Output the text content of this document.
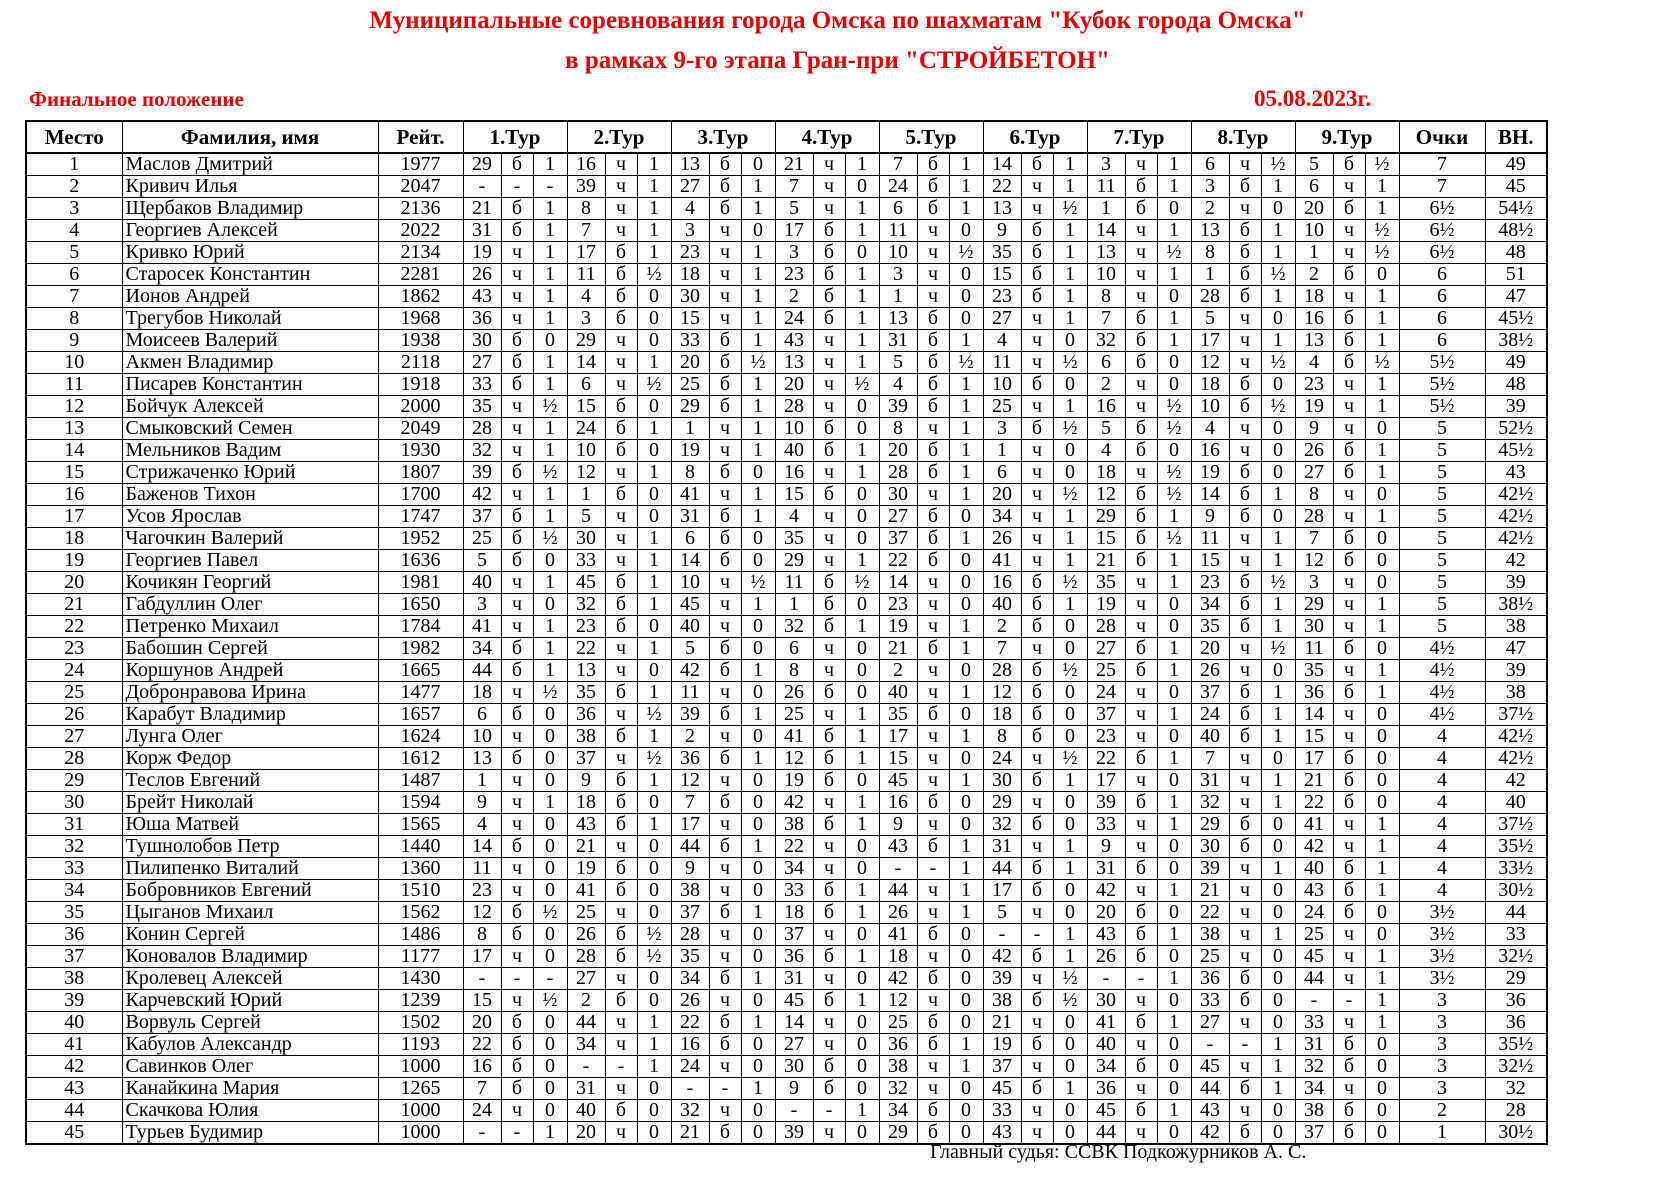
Муниципальные соревнования города Омска по шахматам "Кубок города Омска"
в рамках 9-го этапа Гран-при "СТРОЙБЕТОН"
Финальное положение	05.08.2023г.
Место	Фамилия, имя	Рейт.	1.Тур			2.Тур			3.Тур			4.Тур			5.Тур			6.Тур			7.Тур			8.Тур			9.Тур			Очки	ВН.
1	Маслов Дмитрий	1977	29	б	1	16	ч	1	13	б	0	21	ч	1	7	б	1	14	б	1	3	ч	1	6	ч	½	5	б	½	7	49
2	Кривич Илья	2047	-	-	-	39	ч	1	27	б	1	7	ч	0	24	б	1	22	ч	1	11	б	1	3	б	1	6	ч	1	7	45
3	Щербаков Владимир	2136	21	б	1	8	ч	1	4	б	1	5	ч	1	6	б	1	13	ч	½	1	б	0	2	ч	0	20	б	1	6½	54½
4	Георгиев Алексей	2022	31	б	1	7	ч	1	3	ч	0	17	б	1	11	ч	0	9	б	1	14	ч	1	13	б	1	10	ч	½	6½	48½
5	Кривко Юрий	2134	19	ч	1	17	б	1	23	ч	1	3	б	0	10	ч	½	35	б	1	13	ч	½	8	б	1	1	ч	½	6½	48
6	Старосек Константин	2281	26	ч	1	11	б	½	18	ч	1	23	б	1	3	ч	0	15	б	1	10	ч	1	1	б	½	2	б	0	6	51
7	Ионов Андрей	1862	43	ч	1	4	б	0	30	ч	1	2	б	1	1	ч	0	23	б	1	8	ч	0	28	б	1	18	ч	1	6	47
8	Трегубов Николай	1968	36	ч	1	3	б	0	15	ч	1	24	б	1	13	б	0	27	ч	1	7	б	1	5	ч	0	16	б	1	6	45½
9	Моисеев Валерий	1938	30	б	0	29	ч	0	33	б	1	43	ч	1	31	б	1	4	ч	0	32	б	1	17	ч	1	13	б	1	6	38½
10	Акмен Владимир	2118	27	б	1	14	ч	1	20	б	½	13	ч	1	5	б	½	11	ч	½	6	б	0	12	ч	½	4	б	½	5½	49
11	Писарев Константин	1918	33	б	1	6	ч	½	25	б	1	20	ч	½	4	б	1	10	б	0	2	ч	0	18	б	0	23	ч	1	5½	48
12	Бойчук Алексей	2000	35	ч	½	15	б	0	29	б	1	28	ч	0	39	б	1	25	ч	1	16	ч	½	10	б	½	19	ч	1	5½	39
13	Смыковский Семен	2049	28	ч	1	24	б	1	1	ч	1	10	б	0	8	ч	1	3	б	½	5	б	½	4	ч	0	9	ч	0	5	52½
14	Мельников Вадим	1930	32	ч	1	10	б	0	19	ч	1	40	б	1	20	б	1	1	ч	0	4	б	0	16	ч	0	26	б	1	5	45½
15	Стрижаченко Юрий	1807	39	б	½	12	ч	1	8	б	0	16	ч	1	28	б	1	6	ч	0	18	ч	½	19	б	0	27	б	1	5	43
16	Баженов Тихон	1700	42	ч	1	1	б	0	41	ч	1	15	б	0	30	ч	1	20	ч	½	12	б	½	14	б	1	8	ч	0	5	42½
17	Усов Ярослав	1747	37	б	1	5	ч	0	31	б	1	4	ч	0	27	б	0	34	ч	1	29	б	1	9	б	0	28	ч	1	5	42½
18	Чагочкин Валерий	1952	25	б	½	30	ч	1	6	б	0	35	ч	0	37	б	1	26	ч	1	15	б	½	11	ч	1	7	б	0	5	42½
19	Георгиев Павел	1636	5	б	0	33	ч	1	14	б	0	29	ч	1	22	б	0	41	ч	1	21	б	1	15	ч	1	12	б	0	5	42
20	Кочикян Георгий	1981	40	ч	1	45	б	1	10	ч	½	11	б	½	14	ч	0	16	б	½	35	ч	1	23	б	½	3	ч	0	5	39
21	Габдуллин Олег	1650	3	ч	0	32	б	1	45	ч	1	1	б	0	23	ч	0	40	б	1	19	ч	0	34	б	1	29	ч	1	5	38½
22	Петренко Михаил	1784	41	ч	1	23	б	0	40	ч	0	32	б	1	19	ч	1	2	б	0	28	ч	0	35	б	1	30	ч	1	5	38
23	Бабошин Сергей	1982	34	б	1	22	ч	1	5	б	0	6	ч	0	21	б	1	7	ч	0	27	б	1	20	ч	½	11	б	0	4½	47
24	Коршунов Андрей	1665	44	б	1	13	ч	0	42	б	1	8	ч	0	2	ч	0	28	б	½	25	б	1	26	ч	0	35	ч	1	4½	39
25	Добронравова Ирина	1477	18	ч	½	35	б	1	11	ч	0	26	б	0	40	ч	1	12	б	0	24	ч	0	37	б	1	36	б	1	4½	38
26	Карабут Владимир	1657	6	б	0	36	ч	½	39	б	1	25	ч	1	35	б	0	18	б	0	37	ч	1	24	б	1	14	ч	0	4½	37½
27	Лунга Олег	1624	10	ч	0	38	б	1	2	ч	0	41	б	1	17	ч	1	8	б	0	23	ч	0	40	б	1	15	ч	0	4	42½
28	Корж Федор	1612	13	б	0	37	ч	½	36	б	1	12	б	1	15	ч	0	24	ч	½	22	б	1	7	ч	0	17	б	0	4	42½
29	Теслов Евгений	1487	1	ч	0	9	б	1	12	ч	0	19	б	0	45	ч	1	30	б	1	17	ч	0	31	ч	1	21	б	0	4	42
30	Брейт Николай	1594	9	ч	1	18	б	0	7	б	0	42	ч	1	16	б	0	29	ч	0	39	б	1	32	ч	1	22	б	0	4	40
31	Юша Матвей	1565	4	ч	0	43	б	1	17	ч	0	38	б	1	9	ч	0	32	б	0	33	ч	1	29	б	0	41	ч	1	4	37½
32	Тушнолобов Петр	1440	14	б	0	21	ч	0	44	б	1	22	ч	0	43	б	1	31	ч	1	9	ч	0	30	б	0	42	ч	1	4	35½
33	Пилипенко Виталий	1360	11	ч	0	19	б	0	9	ч	0	34	ч	0	-	-	1	44	б	1	31	б	0	39	ч	1	40	б	1	4	33½
34	Бобровников Евгений	1510	23	ч	0	41	б	0	38	ч	0	33	б	1	44	ч	1	17	б	0	42	ч	1	21	ч	0	43	б	1	4	30½
35	Цыганов Михаил	1562	12	б	½	25	ч	0	37	б	1	18	б	1	26	ч	1	5	ч	0	20	б	0	22	ч	0	24	б	0	3½	44
36	Конин Сергей	1486	8	б	0	26	б	½	28	ч	0	37	ч	0	41	б	0	-	-	1	43	б	1	38	ч	1	25	ч	0	3½	33
37	Коновалов Владимир	1177	17	ч	0	28	б	½	35	ч	0	36	б	1	18	ч	0	42	б	1	26	б	0	25	ч	0	45	ч	1	3½	32½
38	Кролевец Алексей	1430	-	-	-	27	ч	0	34	б	1	31	ч	0	42	б	0	39	ч	½	-	-	1	36	б	0	44	ч	1	3½	29
39	Карчевский Юрий	1239	15	ч	½	2	б	0	26	ч	0	45	б	1	12	ч	0	38	б	½	30	ч	0	33	б	0	-	-	1	3	36
40	Ворвуль Сергей	1502	20	б	0	44	ч	1	22	б	1	14	ч	0	25	б	0	21	ч	0	41	б	1	27	ч	0	33	ч	1	3	36
41	Кабулов Александр	1193	22	б	0	34	ч	1	16	б	0	27	ч	0	36	б	1	19	б	0	40	ч	0	-	-	1	31	б	0	3	35½
42	Савинков Олег	1000	16	б	0	-	-	1	24	ч	0	30	б	0	38	ч	1	37	ч	0	34	б	0	45	ч	1	32	б	0	3	32½
43	Канайкина Мария	1265	7	б	0	31	ч	0	-	-	1	9	б	0	32	ч	0	45	б	1	36	ч	0	44	б	1	34	ч	0	3	32
44	Скачкова Юлия	1000	24	ч	0	40	б	0	32	ч	0	-	-	1	34	б	0	33	ч	0	45	б	1	43	ч	0	38	б	0	2	28
45	Турьев Будимир	1000	-	-	1	20	ч	0	21	б	0	39	ч	0	29	б	0	43	ч	0	44	ч	0	42	б	0	37	б	0	1	30½
Главный судья: ССВК Подкожурников А. С.
